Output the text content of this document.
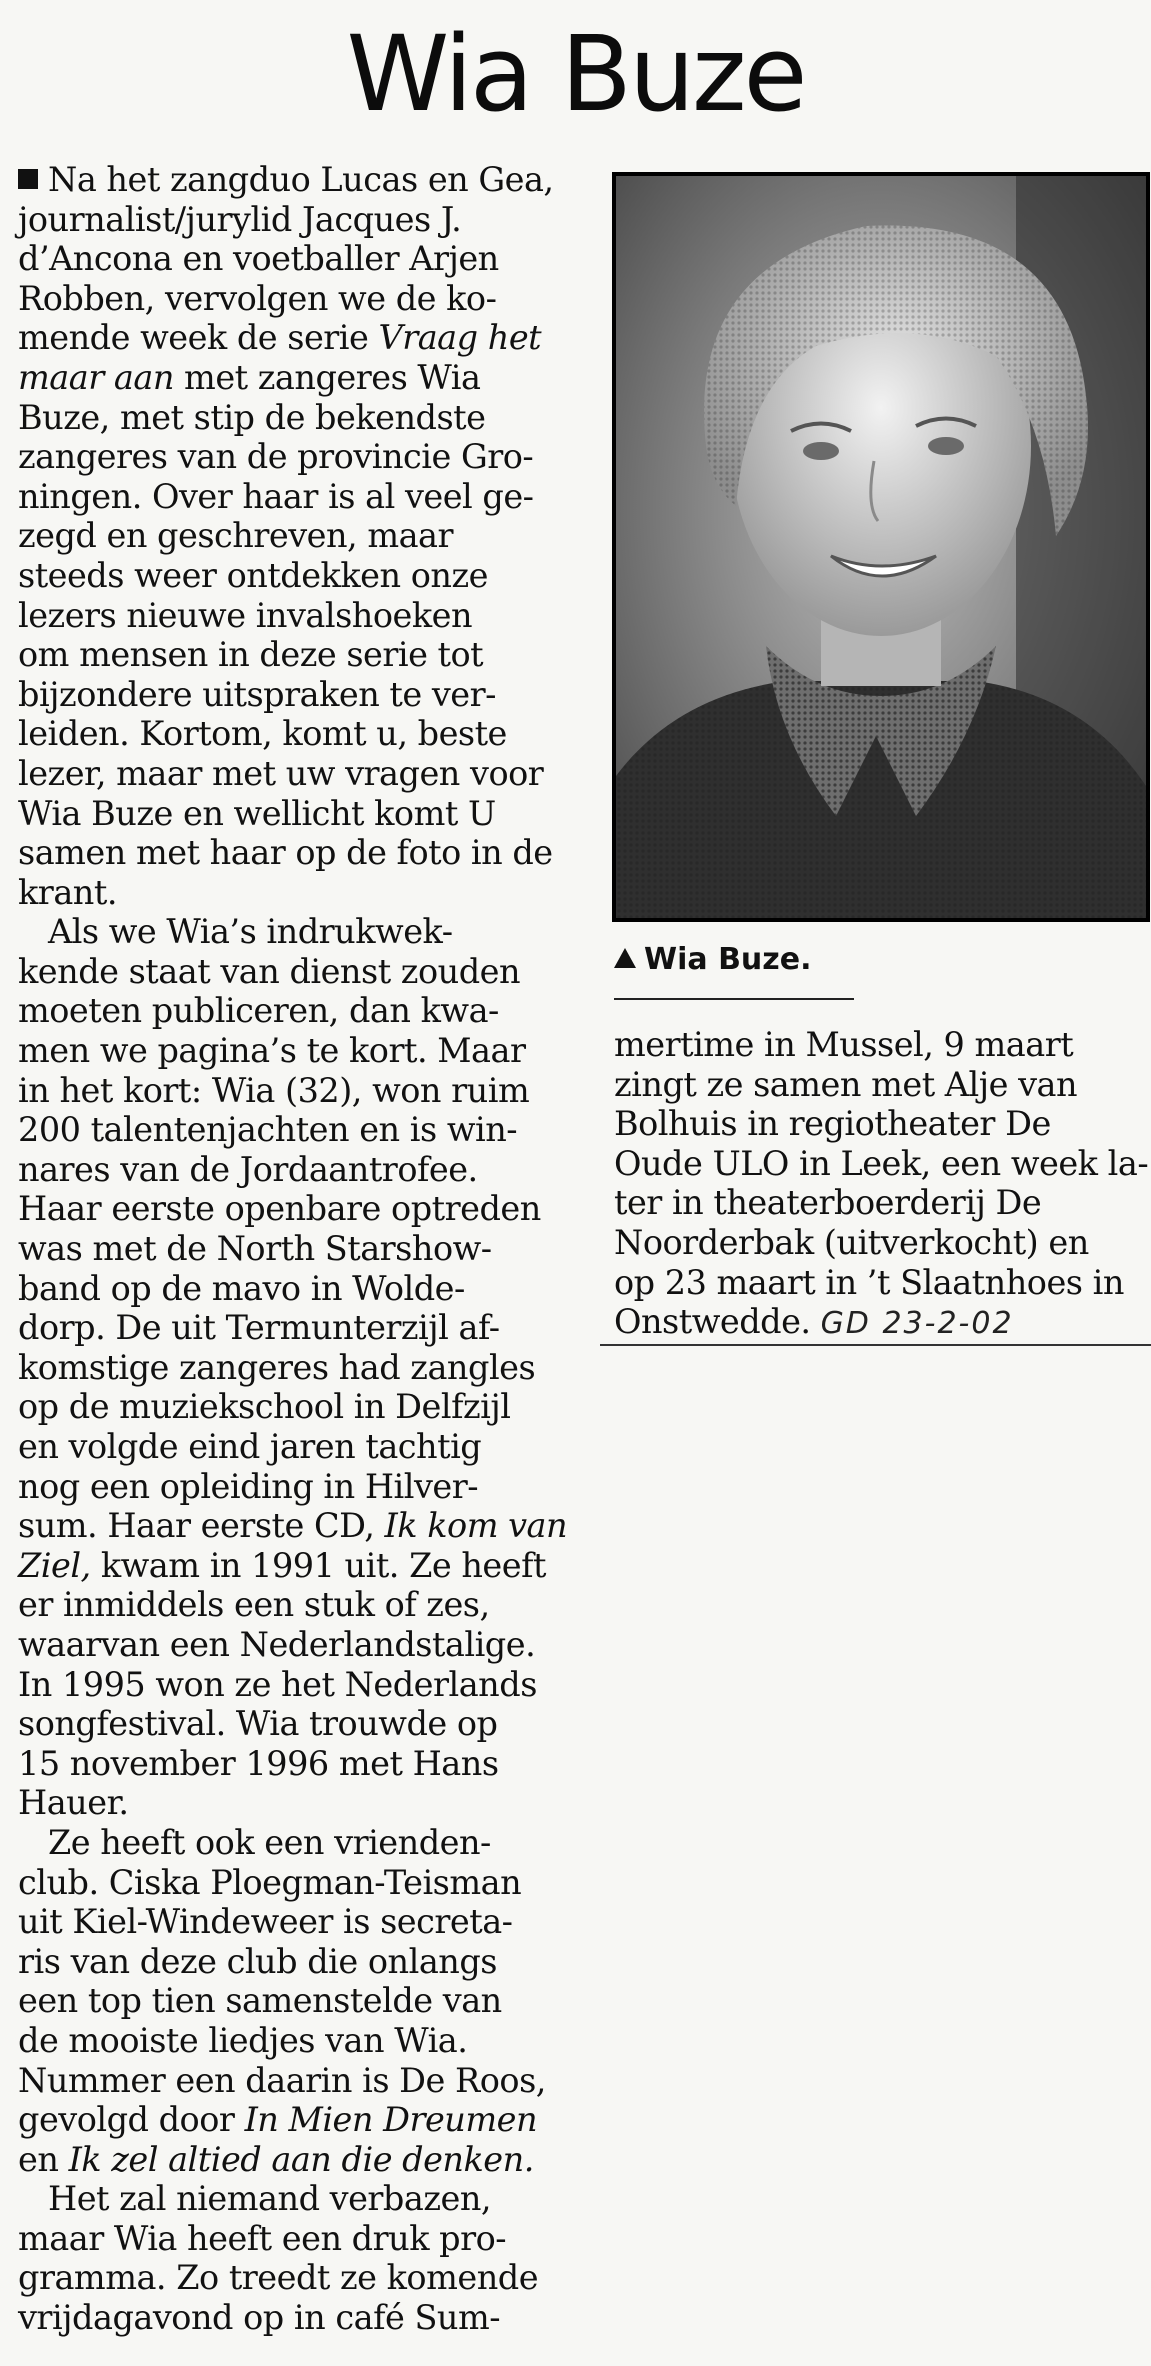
Wia Buze
Na het zangduo Lucas en Gea,
journalist/jurylid Jacques J.
d’Ancona en voetballer Arjen
Robben, vervolgen we de ko-
mende week de serie Vraag het
maar aan met zangeres Wia
Buze, met stip de bekendste
zangeres van de provincie Gro-
ningen. Over haar is al veel ge-
zegd en geschreven, maar
steeds weer ontdekken onze
lezers nieuwe invalshoeken
om mensen in deze serie tot
bijzondere uitspraken te ver-
leiden. Kortom, komt u, beste
lezer, maar met uw vragen voor
Wia Buze en wellicht komt U
samen met haar op de foto in de
krant.
Als we Wia’s indrukwek-
kende staat van dienst zouden
moeten publiceren, dan kwa-
men we pagina’s te kort. Maar
in het kort: Wia (32), won ruim
200 talentenjachten en is win-
nares van de Jordaantrofee.
Haar eerste openbare optreden
was met de North Starshow-
band op de mavo in Wolde-
dorp. De uit Termunterzijl af-
komstige zangeres had zangles
op de muziekschool in Delfzijl
en volgde eind jaren tachtig
nog een opleiding in Hilver-
sum. Haar eerste CD, Ik kom van
Ziel, kwam in 1991 uit. Ze heeft
er inmiddels een stuk of zes,
waarvan een Nederlandstalige.
In 1995 won ze het Nederlands
songfestival. Wia trouwde op
15 november 1996 met Hans
Hauer.
Ze heeft ook een vrienden-
club. Ciska Ploegman-Teisman
uit Kiel-Windeweer is secreta-
ris van deze club die onlangs
een top tien samenstelde van
de mooiste liedjes van Wia.
Nummer een daarin is De Roos,
gevolgd door In Mien Dreumen
en Ik zel altied aan die denken.
Het zal niemand verbazen,
maar Wia heeft een druk pro-
gramma. Zo treedt ze komende
vrijdagavond op in café Sum-
Wia Buze.
mertime in Mussel, 9 maart
zingt ze samen met Alje van
Bolhuis in regiotheater De
Oude ULO in Leek, een week la-
ter in theaterboerderij De
Noorderbak (uitverkocht) en
op 23 maart in ’t Slaatnhoes in
Onstwedde. GD 23-2-02
